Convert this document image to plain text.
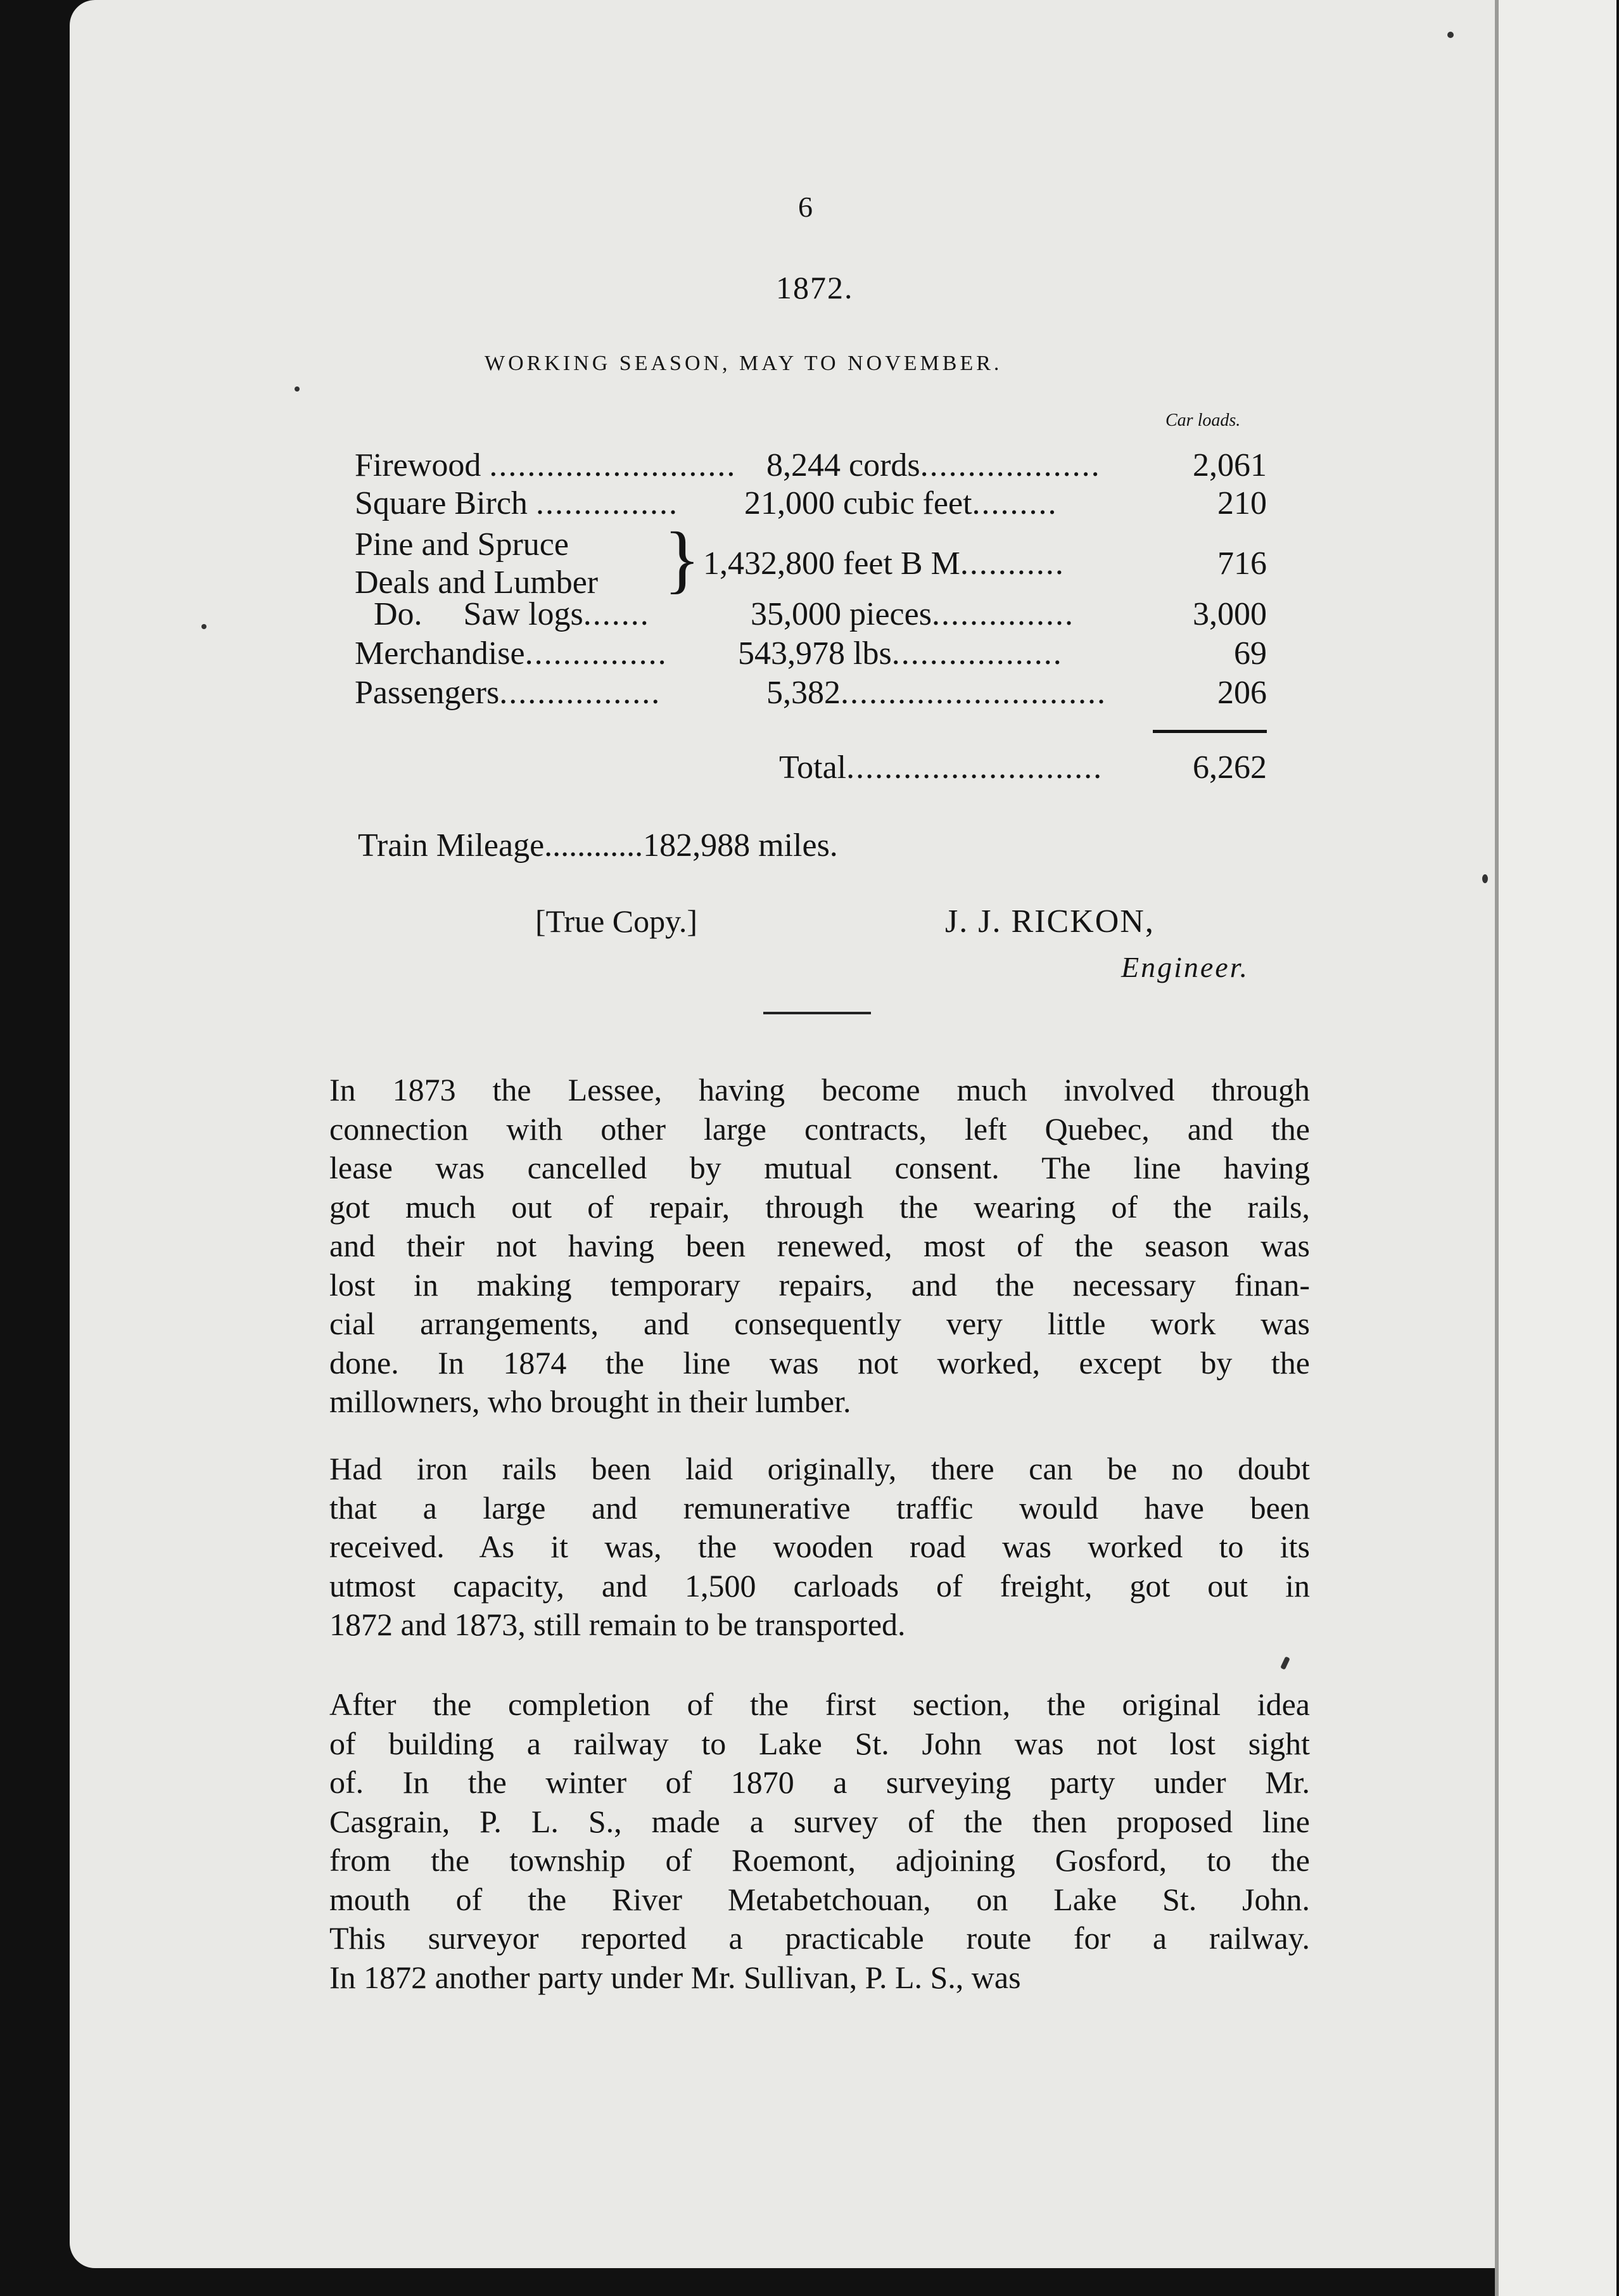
6
1872.
WORKING SEASON, MAY TO NOVEMBER.
Car loads.
Firewood .......................... 8,244 cords...................	2,061
Square Birch ............... 21,000 cubic feet.........	210
Pine and Spruce
Deals and Lumber } 1,432,800 feet B M...........	716
Do.     Saw logs.......	35,000 pieces...............	3,000
Merchandise............... 543,978 lbs..................	69
Passengers.................	5,382............................	206
Total...........................	6,262
Train Mileage............182,988 miles.
[True Copy.]	J. J. RICKON,
Engineer.
In 1873 the Lessee, having become much involved through
connection with other large contracts, left Quebec, and the
lease was cancelled by mutual consent. The line having
got much out of repair, through the wearing of the rails,
and their not having been renewed, most of the season was
lost in making temporary repairs, and the necessary finan-
cial arrangements, and consequently very little work was
done. In 1874 the line was not worked, except by the
millowners, who brought in their lumber.
Had iron rails been laid originally, there can be no doubt
that a large and remunerative traffic would have been
received. As it was, the wooden road was worked to its
utmost capacity, and 1,500 carloads of freight, got out in
1872 and 1873, still remain to be transported.
After the completion of the first section, the original idea
of building a railway to Lake St. John was not lost sight
of. In the winter of 1870 a surveying party under Mr.
Casgrain, P. L. S., made a survey of the then proposed line
from the township of Roemont, adjoining Gosford, to the
mouth of the River Metabetchouan, on Lake St. John.
This surveyor reported a practicable route for a railway.
In 1872 another party under Mr. Sullivan, P. L. S., was
